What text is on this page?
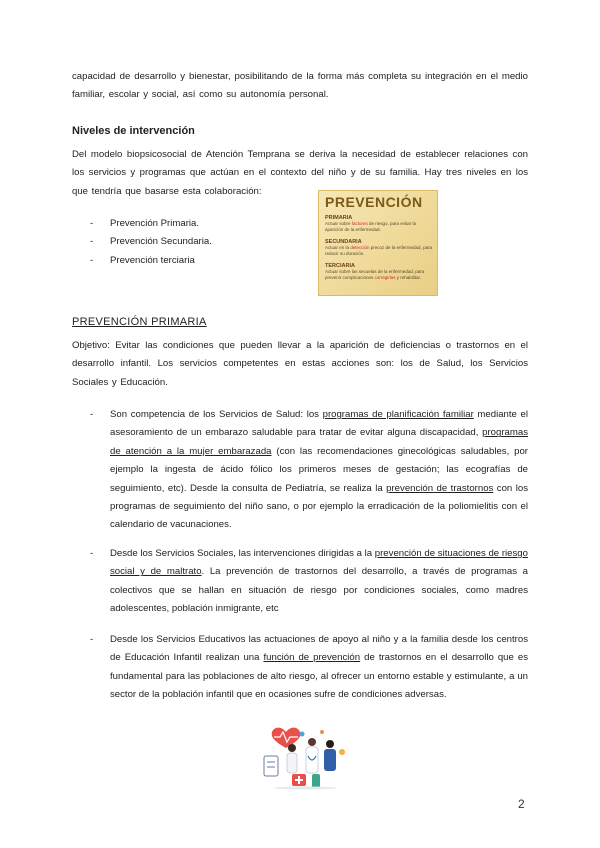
capacidad de desarrollo y bienestar, posibilitando de la forma más completa su integración en el medio familiar, escolar y social, así como su autonomía personal.
Niveles de intervención
Del modelo biopsicosocial de Atención Temprana se deriva la necesidad de establecer relaciones con los servicios y programas que actúan en el contexto del niño y de su familia. Hay tres niveles en los que tendría que basarse esta colaboración:
- Prevención Primaria.
- Prevención Secundaria.
- Prevención terciaria
PREVENCIÓN
PRIMARIA
Actuar sobre factores de riesgo, para evitar la aparición de la enfermedad.
SECUNDARIA
Actuar en la detección precoz de la enfermedad, para reducir su duración.
TERCIARIA
Actuar sobre las secuelas de la enfermedad, para prevenir complicaciones corregirlas y rehabilitar.
PREVENCIÓN PRIMARIA
Objetivo: Evitar las condiciones que pueden llevar a la aparición de deficiencias o trastornos en el desarrollo infantil. Los servicios competentes en estas acciones son: los de Salud, los Servicios Sociales y Educación.
- Son competencia de los Servicios de Salud: los programas de planificación familiar mediante el asesoramiento de un embarazo saludable para tratar de evitar alguna discapacidad, programas de atención a la mujer embarazada (con las recomendaciones ginecológicas saludables, por ejemplo la ingesta de ácido fólico los primeros meses de gestación; las ecografías de seguimiento, etc). Desde la consulta de Pediatría, se realiza la prevención de trastornos con los programas de seguimiento del niño sano, o por ejemplo la erradicación de la poliomielitis con el calendario de vacunaciones.
- Desde los Servicios Sociales, las intervenciones dirigidas a la prevención de situaciones de riesgo social y de maltrato. La prevención de trastornos del desarrollo, a través de programas a colectivos que se hallan en situación de riesgo por condiciones sociales, como madres adolescentes, población inmigrante, etc
- Desde los Servicios Educativos las actuaciones de apoyo al niño y a la familia desde los centros de Educación Infantil realizan una función de prevención de trastornos en el desarrollo que es fundamental para las poblaciones de alto riesgo, al ofrecer un entorno estable y estimulante, a un sector de la población infantil que en ocasiones sufre de condiciones adversas.
2
